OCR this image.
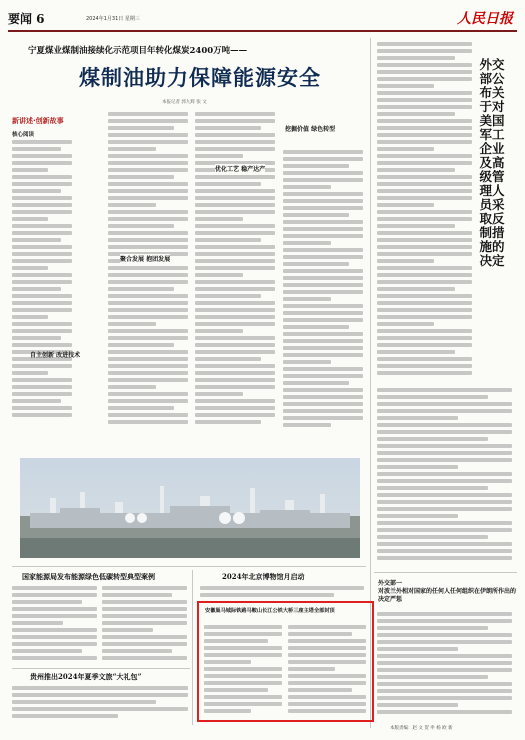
要闻 6	2024年1月31日 星期三	人民日报
宁夏煤业煤制油接续化示范项目年转化煤炭2400万吨——
煤制油助力保障能源安全
本报记者 郭九辉 张 文
新讲述·创新故事
核心阅读
自主创新 改进技术
聚合发展 抱团发展
优化工艺 稳产达产
挖掘价值 绿色转型
外交部公布关于对美国军工企业及高级管理人员采取反制措施的决定
外交部一
对波兰外相对国家的任何人任何组织在伊朗所作出的决定严惩
国家能源局发布能源绿色低碳转型典型案例	2024年北京博物馆月启动
贵州推出2024年夏季文旅“大礼包”
安徽巢马城际铁路马鞍山长江公铁大桥三座主塔全部封顶
本版责编：赵 文 贺 申 杨 欧 新
